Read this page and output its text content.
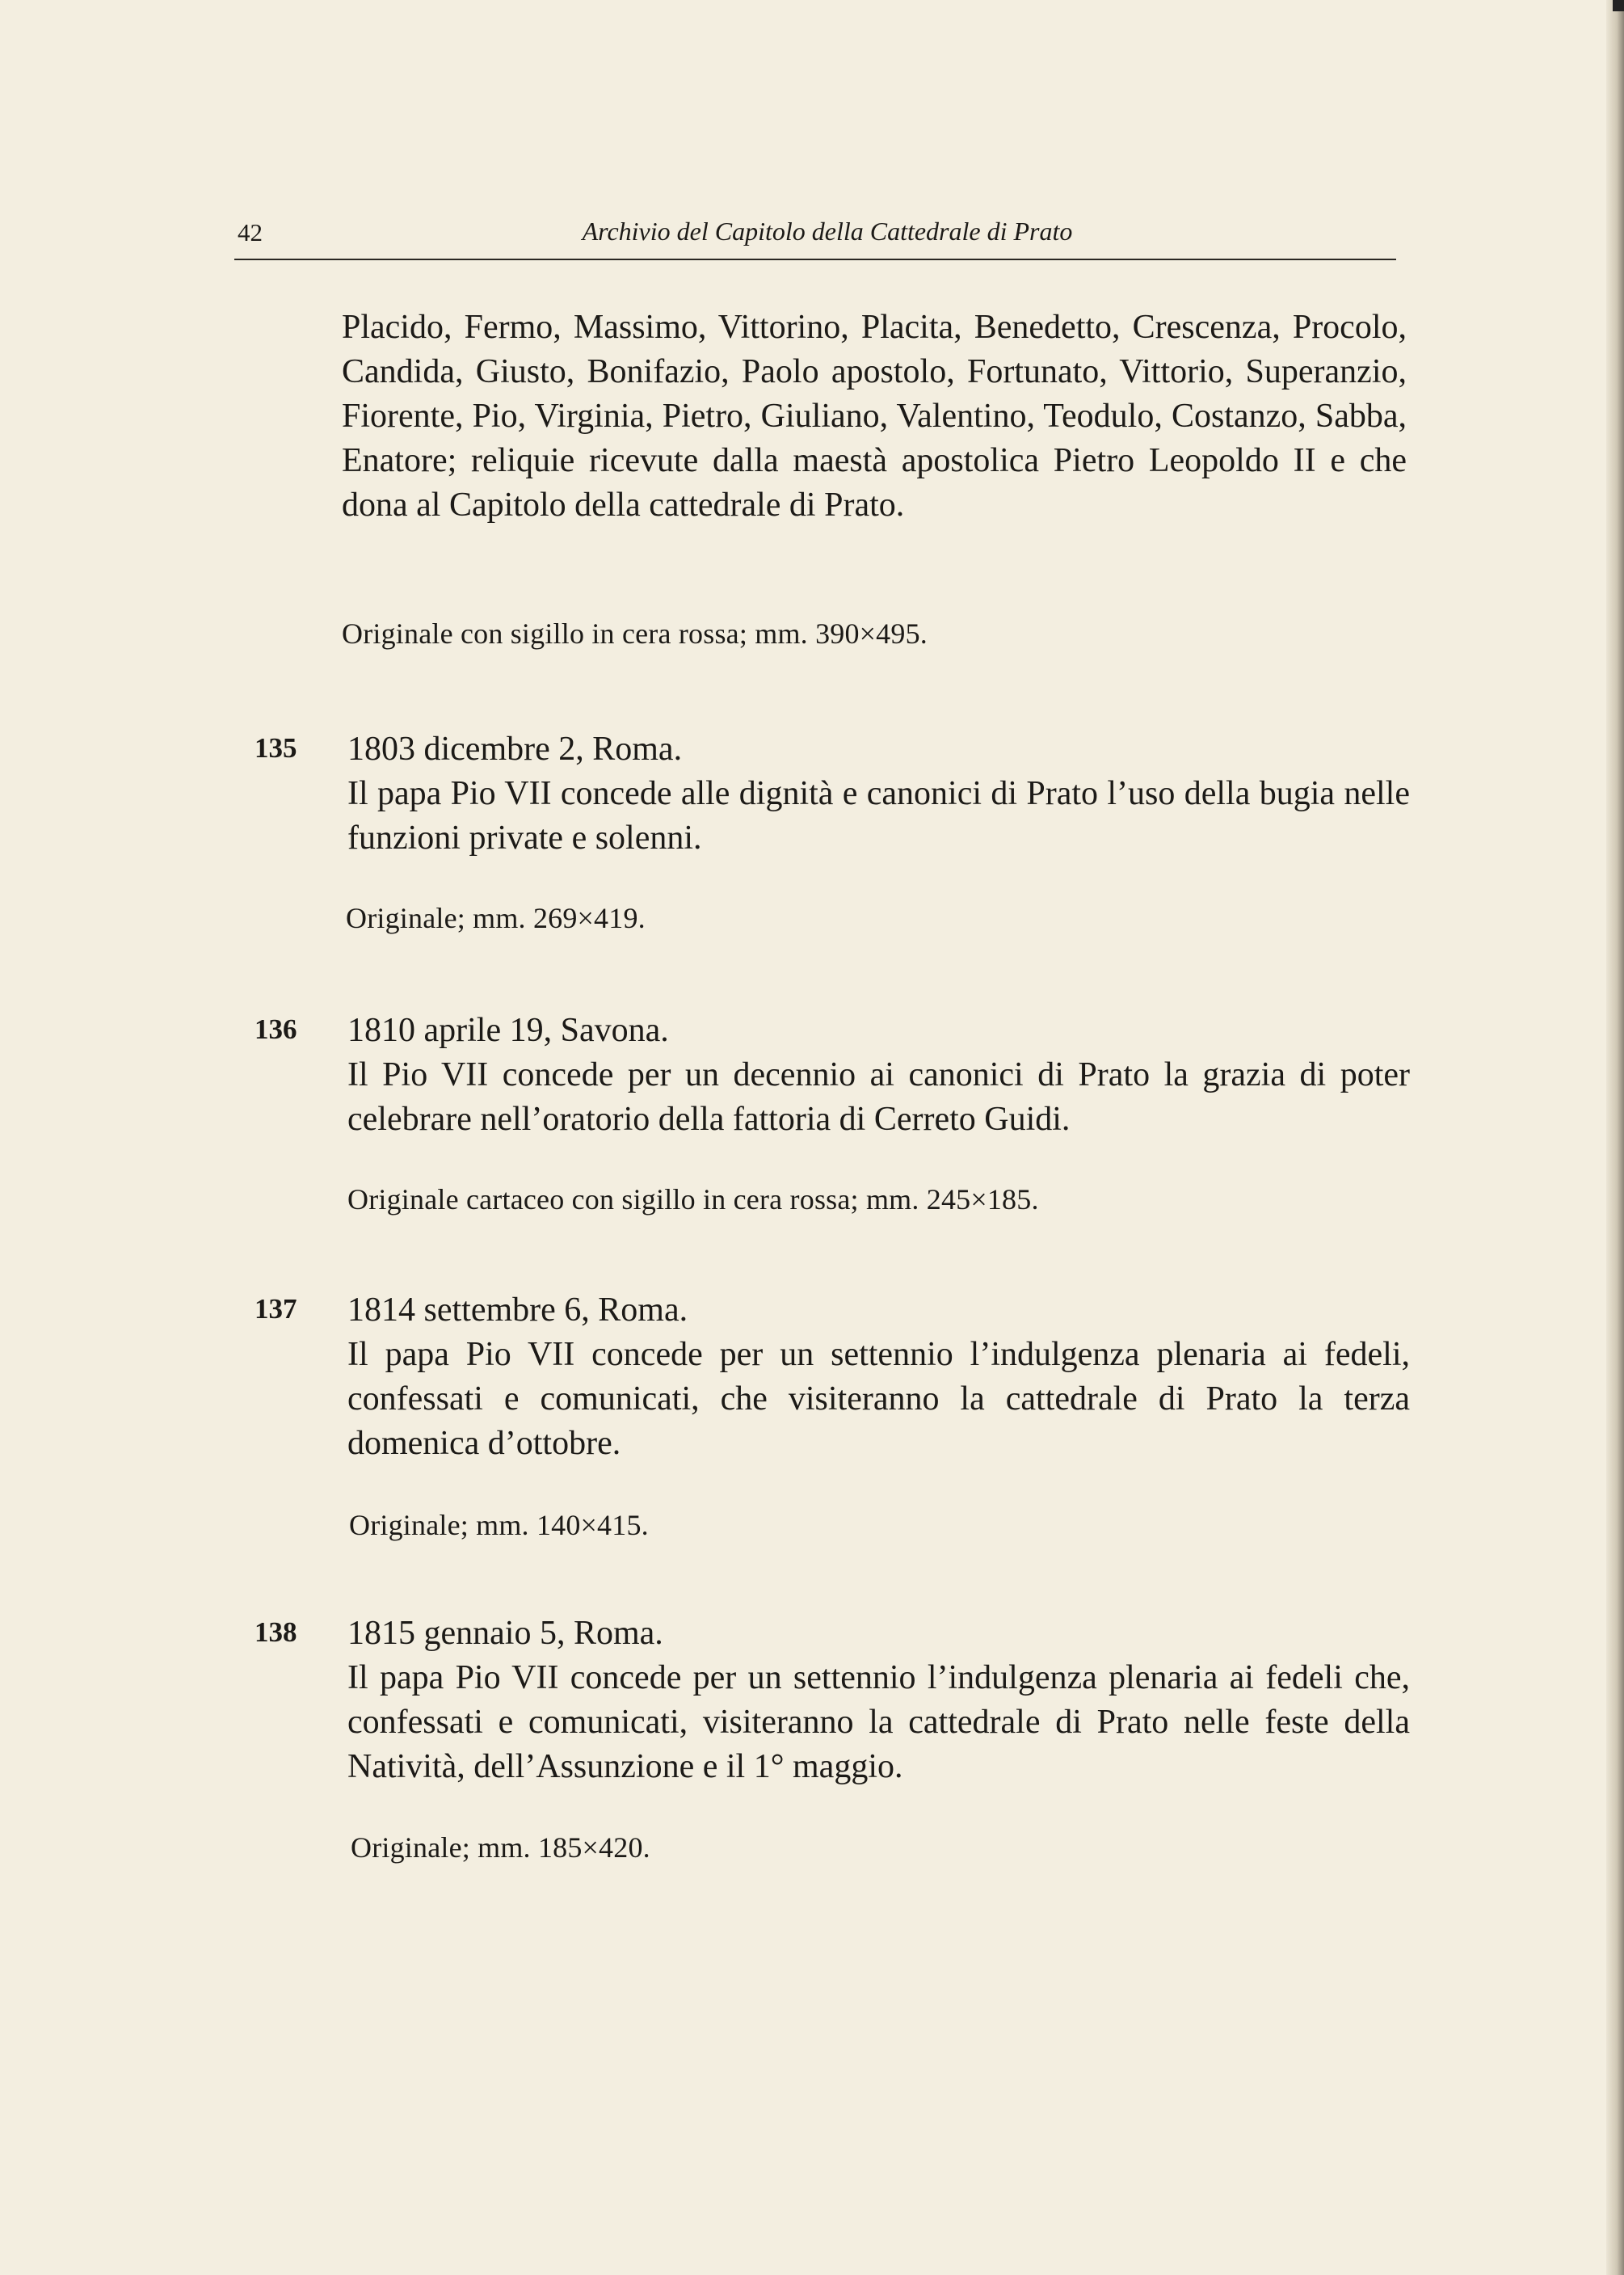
42	Archivio del Capitolo della Cattedrale di Prato

Placido, Fermo, Massimo, Vittorino, Placita, Benedetto, Crescenza, Procolo, Candida, Giusto, Bonifazio, Paolo apostolo, Fortunato, Vittorio, Superanzio, Fiorente, Pio, Virginia, Pietro, Giuliano, Valentino, Teodulo, Costanzo, Sabba, Enatore; reliquie ricevute dalla maestà apostolica Pietro Leopoldo II e che dona al Capitolo della cattedrale di Prato.

Originale con sigillo in cera rossa; mm. 390×495.

135 1803 dicembre 2, Roma.

Il papa Pio VII concede alle dignità e canonici di Prato l’uso della bugia nelle funzioni private e solenni.

Originale; mm. 269×419.

136 1810 aprile 19, Savona.

Il Pio VII concede per un decennio ai canonici di Prato la grazia di poter celebrare nell’oratorio della fattoria di Cerreto Guidi.

Originale cartaceo con sigillo in cera rossa; mm. 245×185.

137 1814 settembre 6, Roma.

Il papa Pio VII concede per un settennio l’indulgenza plenaria ai fedeli, confessati e comunicati, che visiteranno la cattedrale di Prato la terza domenica d’ottobre.

Originale; mm. 140×415.

138 1815 gennaio 5, Roma.

Il papa Pio VII concede per un settennio l’indulgenza plenaria ai fedeli che, confessati e comunicati, visiteranno la cattedrale di Prato nelle feste della Natività, dell’Assunzione e il 1° maggio.

Originale; mm. 185×420.
